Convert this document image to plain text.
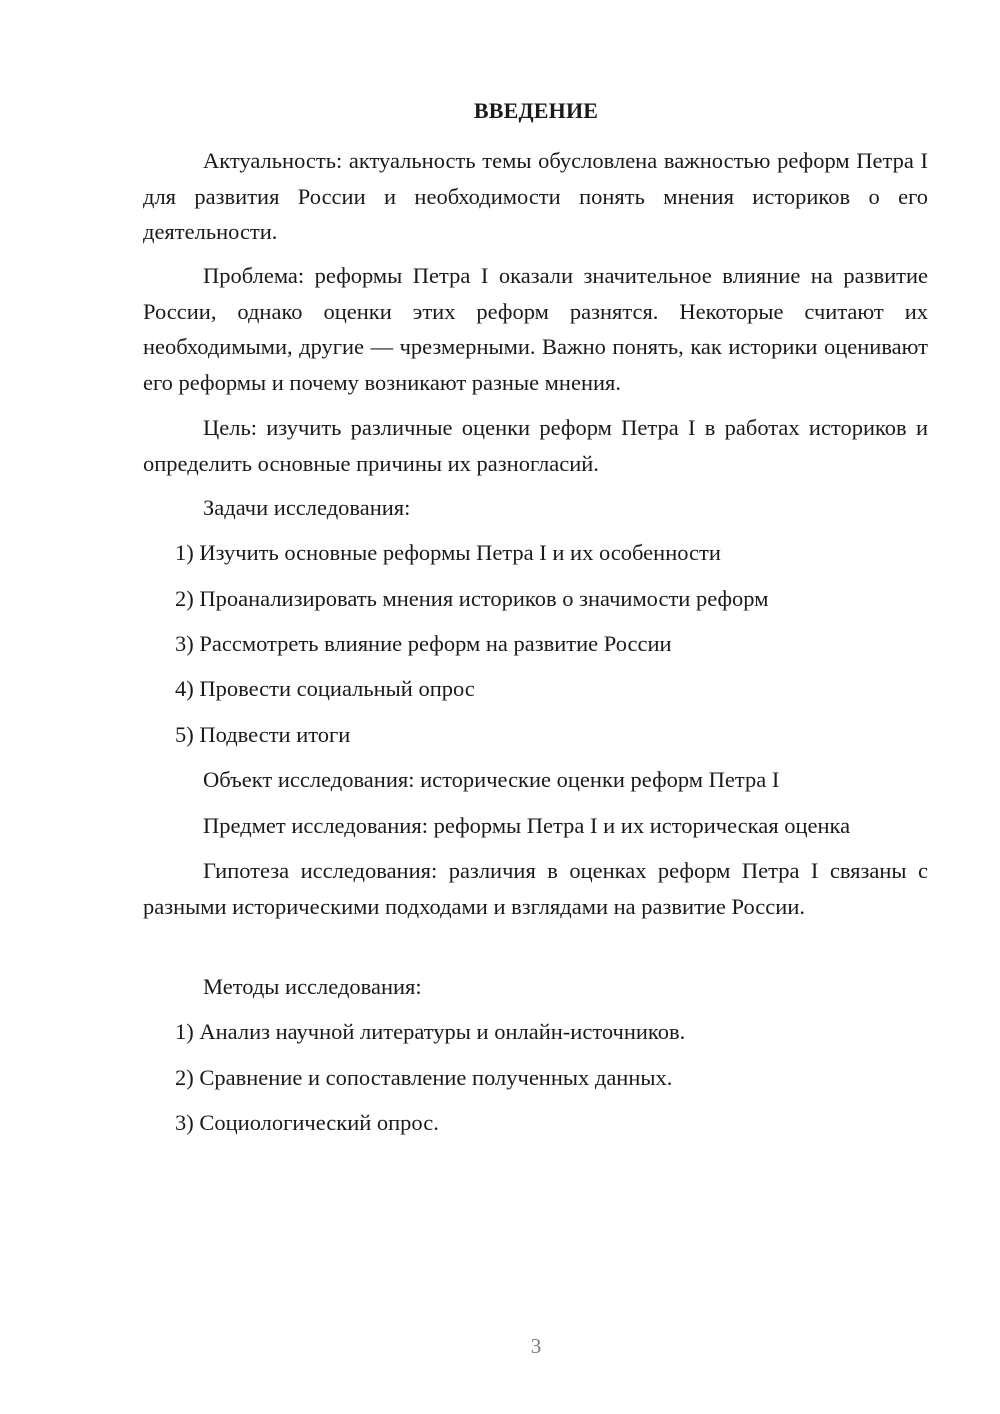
ВВЕДЕНИЕ
Актуальность: актуальность темы обусловлена важностью реформ Петра I для развития России и необходимости понять мнения историков о его деятельности.
Проблема: реформы Петра I оказали значительное влияние на развитие России, однако оценки этих реформ разнятся. Некоторые считают их необходимыми, другие — чрезмерными. Важно понять, как историки оценивают его реформы и почему возникают разные мнения.
Цель: изучить различные оценки реформ Петра I в работах историков и определить основные причины их разногласий.
Задачи исследования:
1) Изучить основные реформы Петра I и их особенности
2) Проанализировать мнения историков о значимости реформ
3) Рассмотреть влияние реформ на развитие России
4) Провести социальный опрос
5) Подвести итоги
Объект исследования: исторические оценки реформ Петра I
Предмет исследования: реформы Петра I и их историческая оценка
Гипотеза исследования: различия в оценках реформ Петра I связаны с разными историческими подходами и взглядами на развитие России.
Методы исследования:
1) Анализ научной литературы и онлайн-источников.
2) Сравнение и сопоставление полученных данных.
3) Социологический опрос.
3
